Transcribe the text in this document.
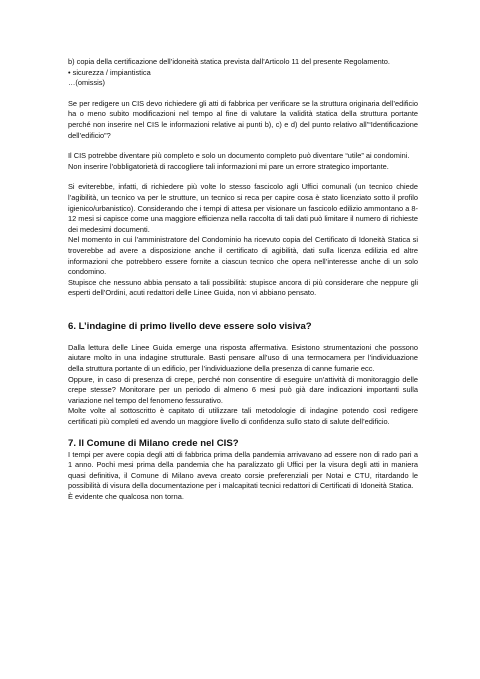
b) copia della certificazione dell’idoneità statica prevista dall’Articolo 11 del presente Regolamento.

• sicurezza / impiantistica

…(omissis)

Se per redigere un CIS devo richiedere gli atti di fabbrica per verificare se la struttura originaria dell’edificio ha o meno subito modificazioni nel tempo al fine di valutare la validità statica della struttura portante perché non inserire nel CIS le informazioni relative ai punti b), c) e d) del punto relativo all’“Identificazione dell’edificio”?

Il CIS potrebbe diventare più completo e solo un documento completo può diventare “utile” ai condomini.

Non inserire l’obbligatorietà di raccogliere tali informazioni mi pare un errore strategico importante.

Si eviterebbe, infatti, di richiedere più volte lo stesso fascicolo agli Uffici comunali (un tecnico chiede l’agibilità, un tecnico va per le strutture, un tecnico si reca per capire cosa è stato licenziato sotto il profilo igienico/urbanistico). Considerando che i tempi di attesa per visionare un fascicolo edilizio ammontano a 8-12 mesi si capisce come una maggiore efficienza nella raccolta di tali dati può limitare il numero di richieste dei medesimi documenti.

Nel momento in cui l’amministratore del Condominio ha ricevuto copia del Certificato di Idoneità Statica si troverebbe ad avere a disposizione anche il certificato di agibilità, dati sulla licenza edilizia ed altre informazioni che potrebbero essere fornite a ciascun tecnico che opera nell’interesse anche di un solo condomino.

Stupisce che nessuno abbia pensato a tali possibilità: stupisce ancora di più considerare che neppure gli esperti dell’Ordini, acuti redattori delle Linee Guida, non vi abbiano pensato.

6. L’indagine di primo livello deve essere solo visiva?

Dalla lettura delle Linee Guida emerge una risposta affermativa. Esistono strumentazioni che possono aiutare molto in una indagine strutturale. Basti pensare all’uso di una termocamera per l’individuazione della struttura portante di un edificio, per l’individuazione della presenza di canne fumarie ecc.

Oppure, in caso di presenza di crepe, perché non consentire di eseguire un’attività di monitoraggio delle crepe stesse? Monitorare per un periodo di almeno 6 mesi può già dare indicazioni importanti sulla variazione nel tempo del fenomeno fessurativo.

Molte volte al sottoscritto è capitato di utilizzare tali metodologie di indagine potendo così redigere certificati più completi ed avendo un maggiore livello di confidenza sullo stato di salute dell’edificio.

7. Il Comune di Milano crede nel CIS?

I tempi per avere copia degli atti di fabbrica prima della pandemia arrivavano ad essere non di rado pari a 1 anno. Pochi mesi prima della pandemia che ha paralizzato gli Uffici per la visura degli atti in maniera quasi definitiva, il Comune di Milano aveva creato corsie preferenziali per Notai e CTU, ritardando le possibilità di visura della documentazione per i malcapitati tecnici redattori di Certificati di Idoneità Statica.

È evidente che qualcosa non torna.
